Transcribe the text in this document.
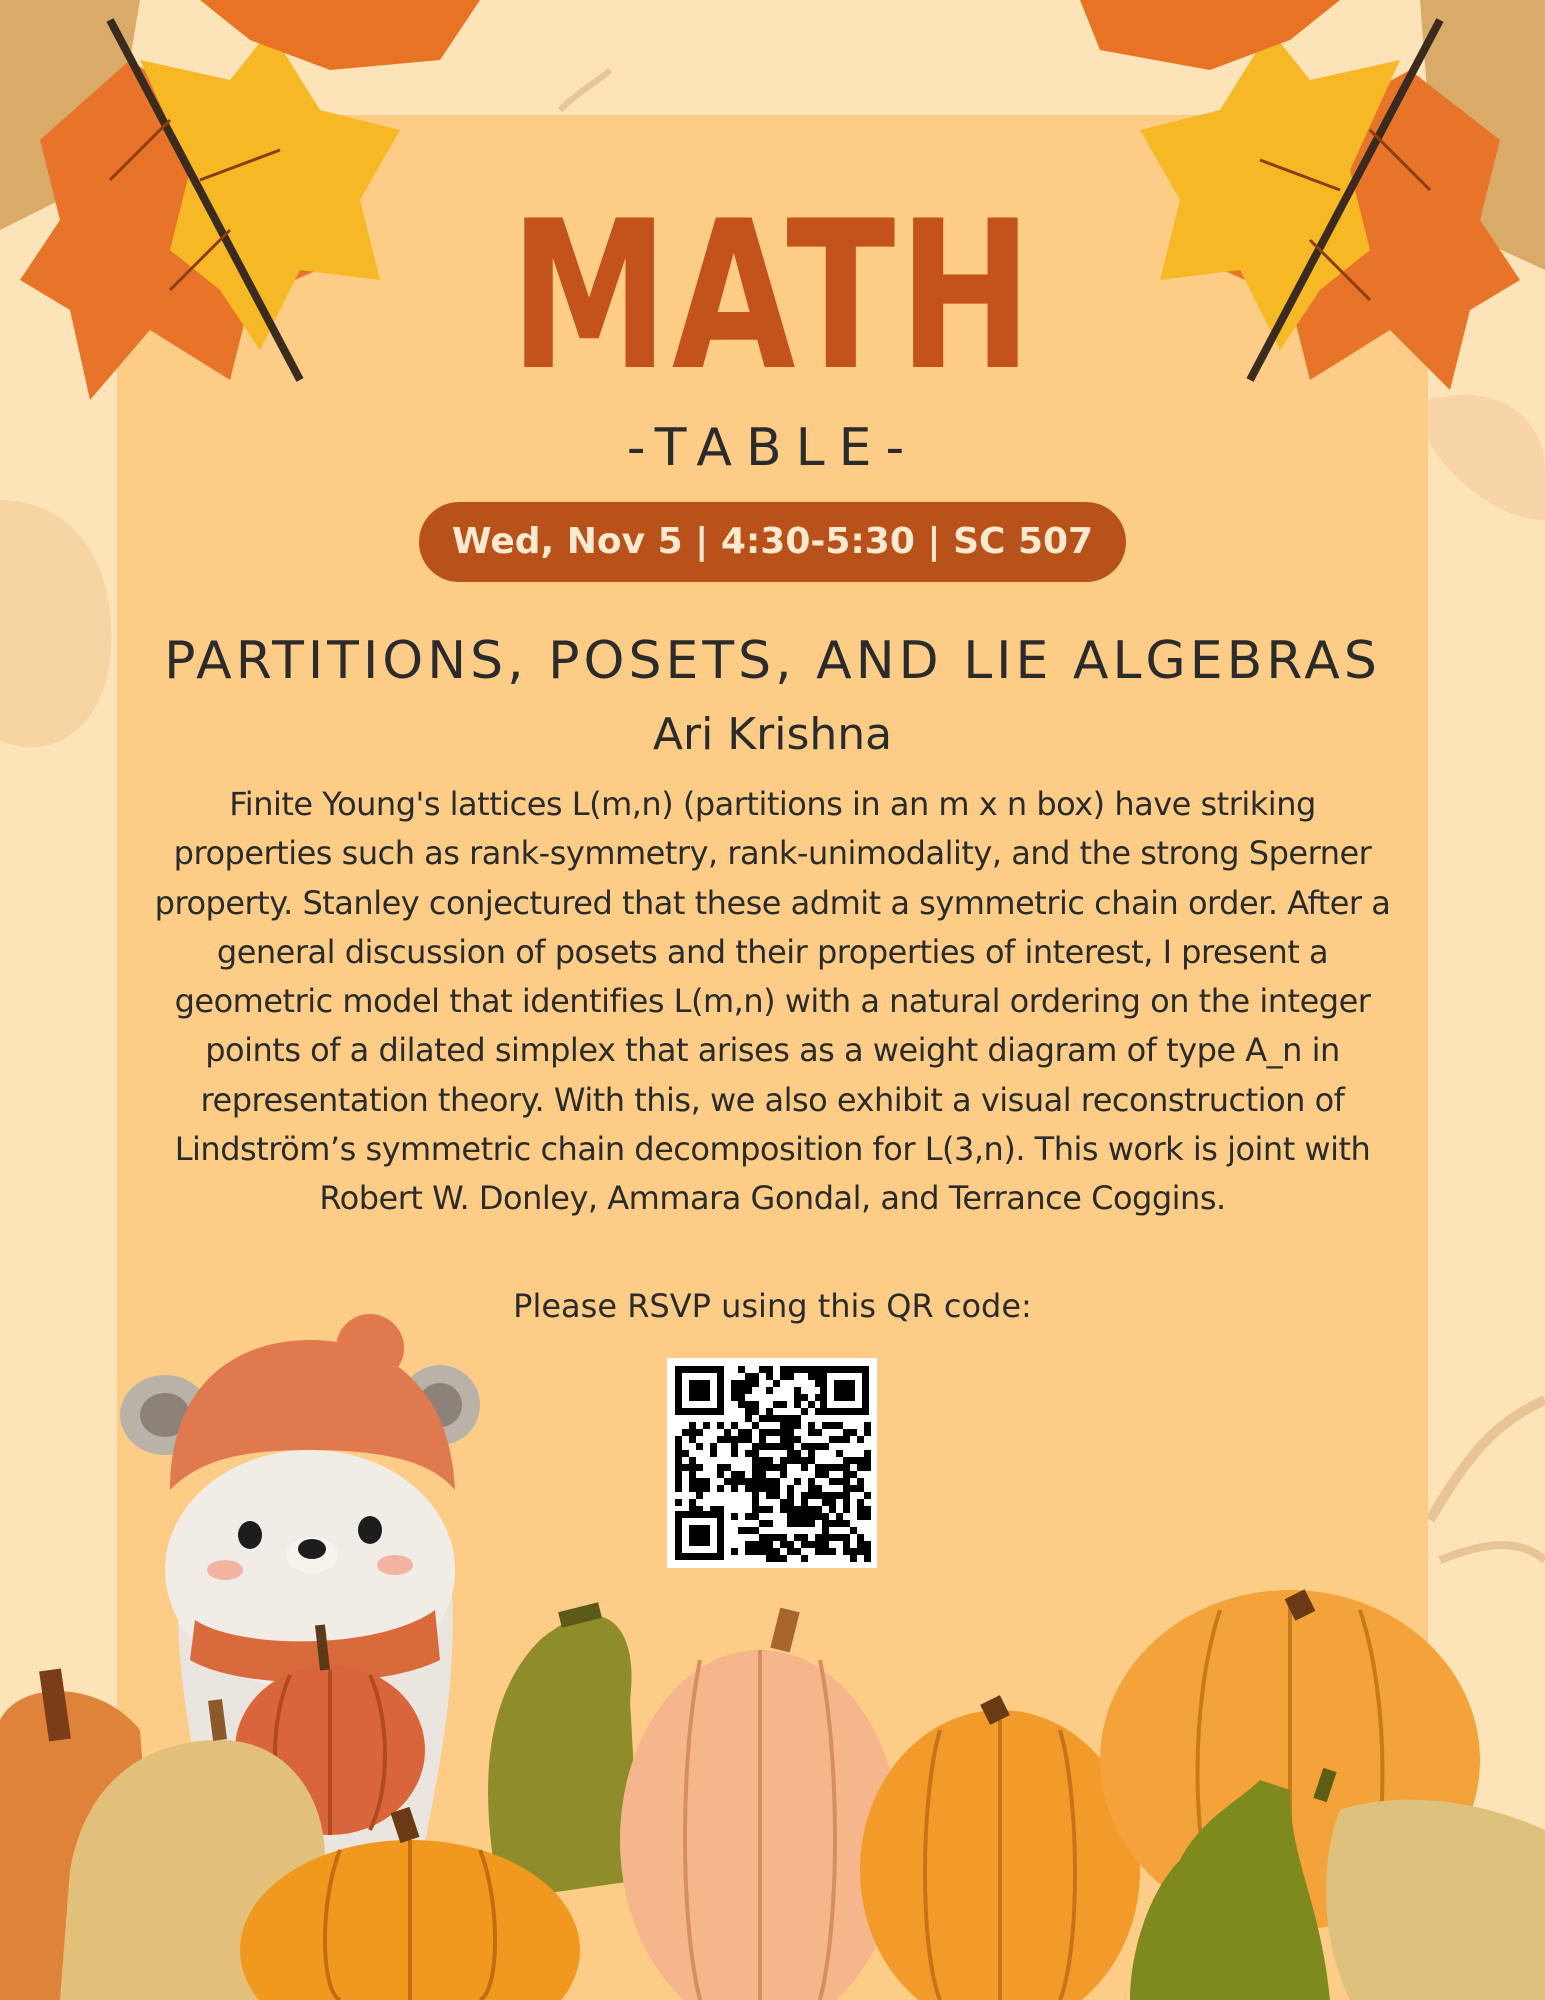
MATH
-TABLE-
Wed, Nov 5 | 4:30-5:30 | SC 507
PARTITIONS, POSETS, AND LIE ALGEBRAS
Ari Krishna
Finite Young's lattices L(m,n) (partitions in an m x n box) have striking properties such as rank-symmetry, rank-unimodality, and the strong Sperner property. Stanley conjectured that these admit a symmetric chain order. After a general discussion of posets and their properties of interest, I present a geometric model that identifies L(m,n) with a natural ordering on the integer points of a dilated simplex that arises as a weight diagram of type A_n in representation theory. With this, we also exhibit a visual reconstruction of Lindström’s symmetric chain decomposition for L(3,n). This work is joint with Robert W. Donley, Ammara Gondal, and Terrance Coggins.
Please RSVP using this QR code:
